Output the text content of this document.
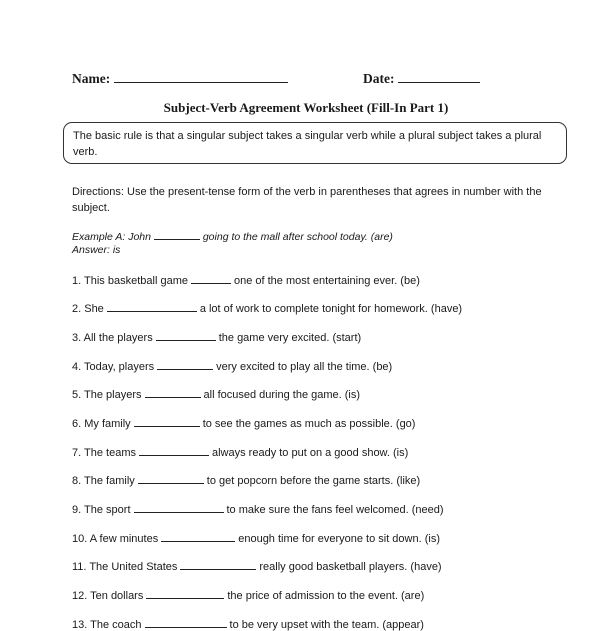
Name:	Date:
Subject-Verb Agreement Worksheet (Fill-In Part 1)
The basic rule is that a singular subject takes a singular verb while a plural subject takes a plural verb.
Directions: Use the present-tense form of the verb in parentheses that agrees in number with the subject.
Example A: John	going to the mall after school today. (are)
Answer: is
1. This basketball game	one of the most entertaining ever. (be)
2. She	a lot of work to complete tonight for homework. (have)
3. All the players	the game very excited. (start)
4. Today, players	very excited to play all the time. (be)
5. The players	all focused during the game. (is)
6. My family	to see the games as much as possible. (go)
7. The teams	always ready to put on a good show. (is)
8. The family	to get popcorn before the game starts. (like)
9. The sport	to make sure the fans feel welcomed. (need)
10. A few minutes	enough time for everyone to sit down. (is)
11. The United States	really good basketball players. (have)
12. Ten dollars	the price of admission to the event. (are)
13. The coach	to be very upset with the team. (appear)
